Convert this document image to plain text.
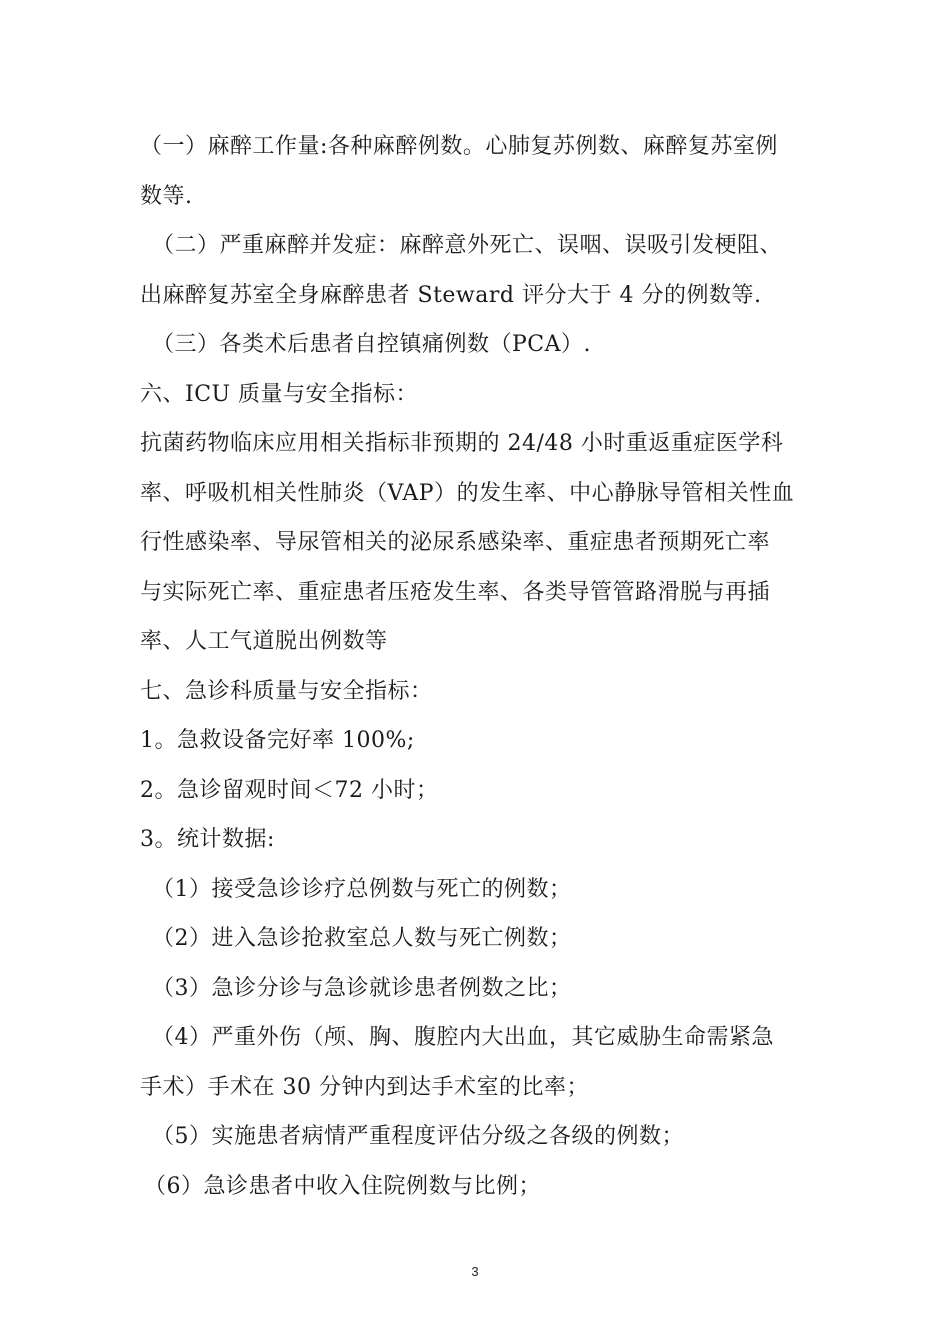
（一）麻醉工作量:各种麻醉例数。心肺复苏例数、麻醉复苏室例
数等.
（二）严重麻醉并发症：麻醉意外死亡、误咽、误吸引发梗阻、
出麻醉复苏室全身麻醉患者 Steward 评分大于 4 分的例数等.
（三）各类术后患者自控镇痛例数（PCA）.
六、ICU 质量与安全指标：
抗菌药物临床应用相关指标非预期的 24/48 小时重返重症医学科
率、呼吸机相关性肺炎（VAP）的发生率、中心静脉导管相关性血
行性感染率、导尿管相关的泌尿系感染率、重症患者预期死亡率
与实际死亡率、重症患者压疮发生率、各类导管管路滑脱与再插
率、人工气道脱出例数等
七、急诊科质量与安全指标：
1。急救设备完好率 100%;
2。急诊留观时间＜72 小时；
3。统计数据:
（1）接受急诊诊疗总例数与死亡的例数；
（2）进入急诊抢救室总人数与死亡例数；
（3）急诊分诊与急诊就诊患者例数之比；
（4）严重外伤（颅、胸、腹腔内大出血，其它威胁生命需紧急
手术）手术在 30 分钟内到达手术室的比率；
（5）实施患者病情严重程度评估分级之各级的例数；
（6）急诊患者中收入住院例数与比例；
3
